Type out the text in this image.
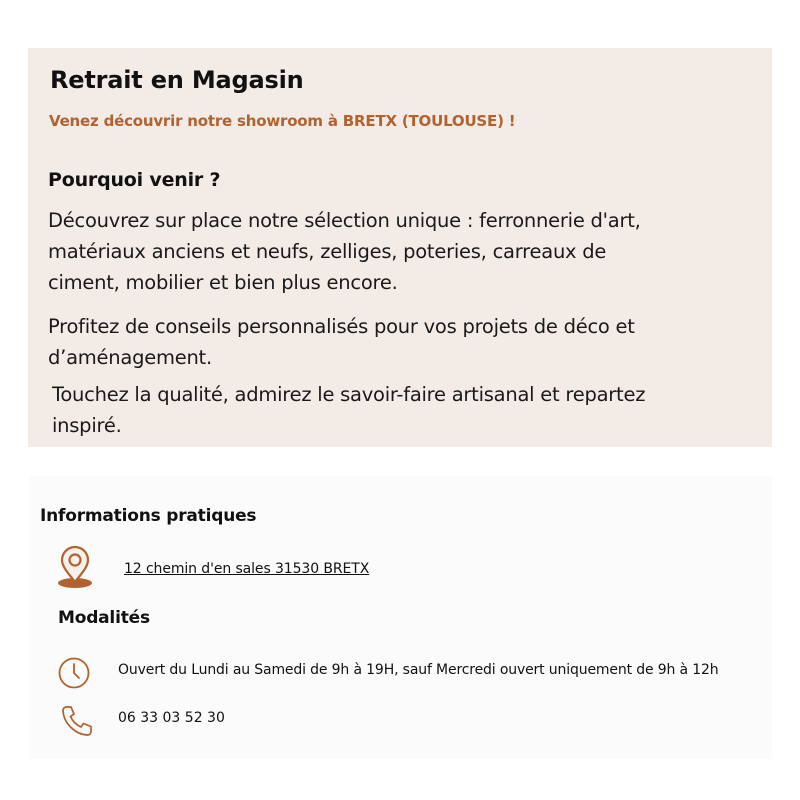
Retrait en Magasin
Venez découvrir notre showroom à BRETX (TOULOUSE) !
Pourquoi venir ?
Découvrez sur place notre sélection unique : ferronnerie d'art,
matériaux anciens et neufs, zelliges, poteries, carreaux de
ciment, mobilier et bien plus encore.
Profitez de conseils personnalisés pour vos projets de déco et
d’aménagement.
Touchez la qualité, admirez le savoir-faire artisanal et repartez
inspiré.
Informations pratiques
12 chemin d'en sales 31530 BRETX
Modalités
Ouvert du Lundi au Samedi de 9h à 19H, sauf Mercredi ouvert uniquement de 9h à 12h
06 33 03 52 30
